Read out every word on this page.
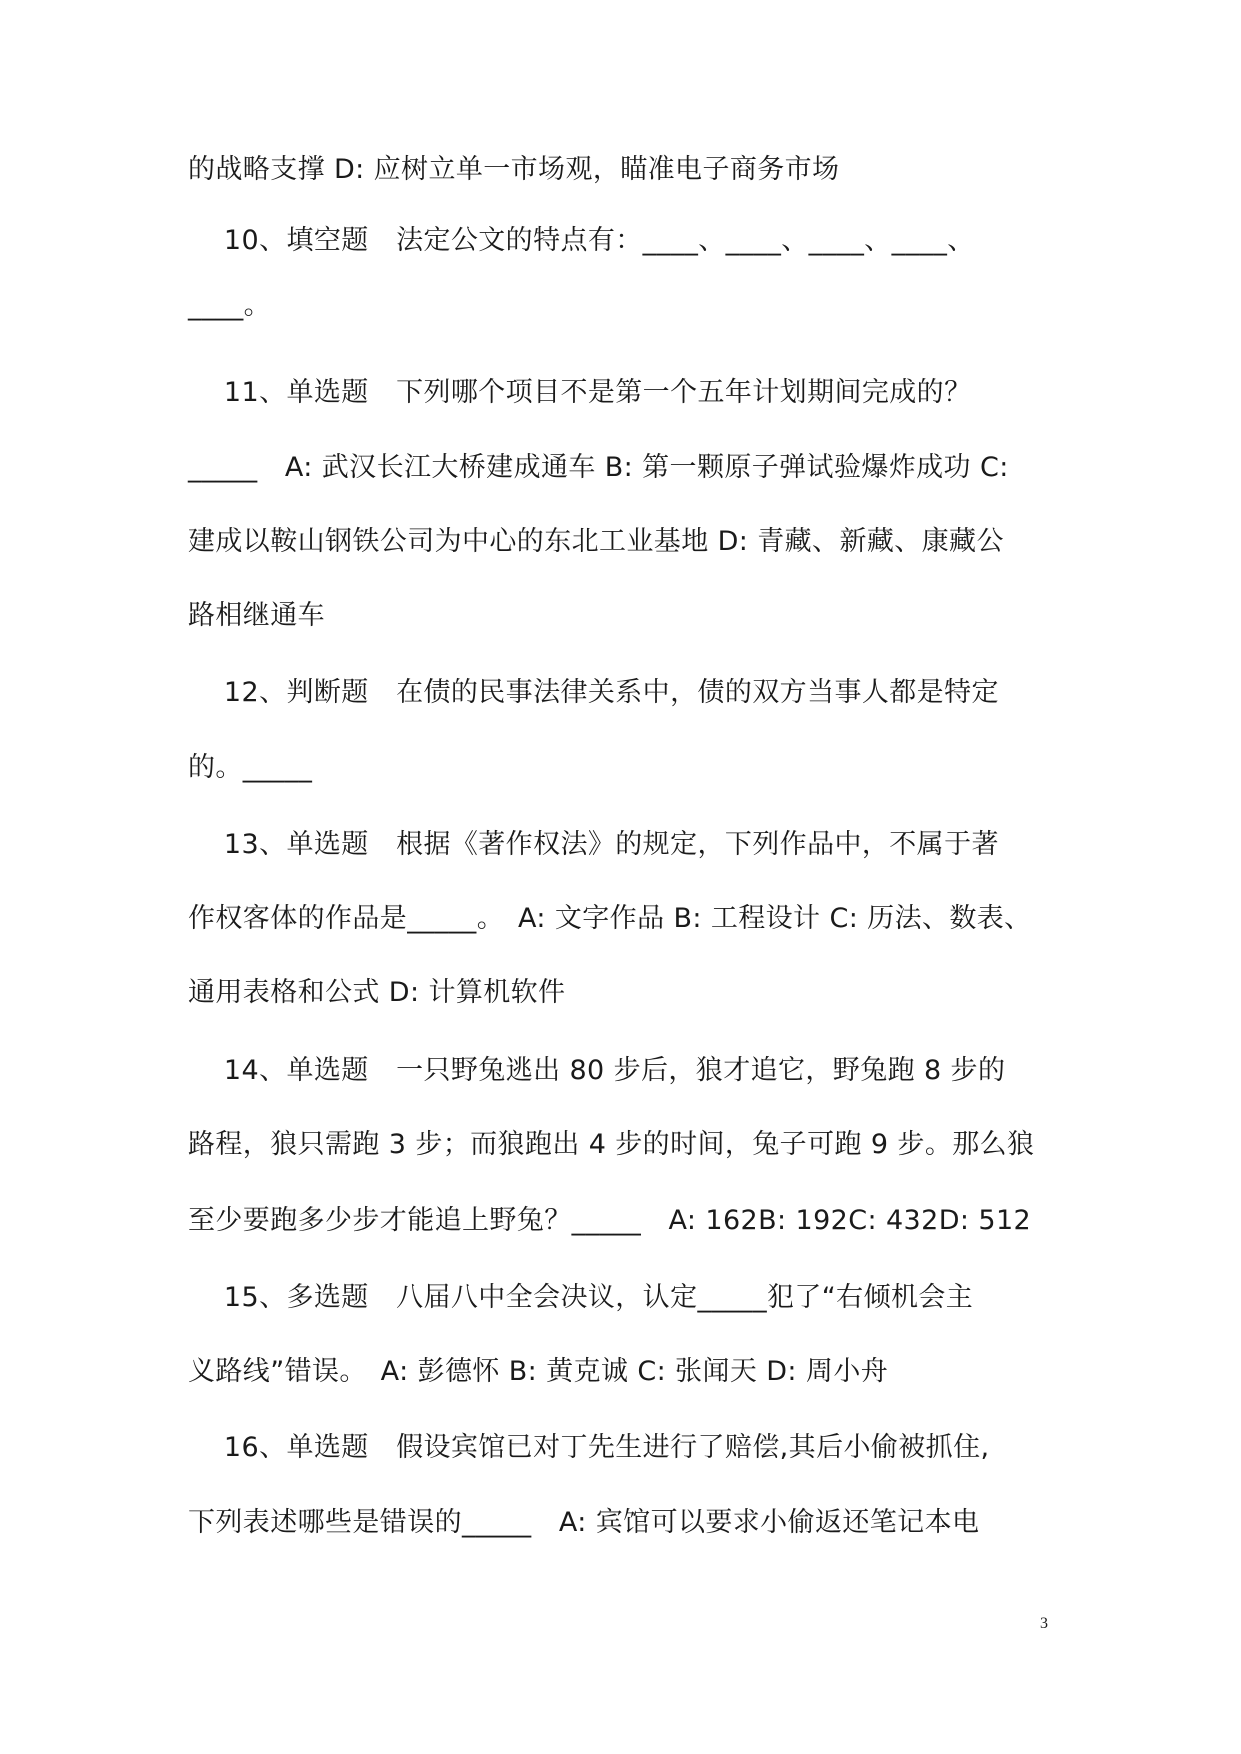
的战略支撑 D: 应树立单一市场观，瞄准电子商务市场
10、填空题　法定公文的特点有：____、____、____、____、
____。
11、单选题　下列哪个项目不是第一个五年计划期间完成的？
_____　A: 武汉长江大桥建成通车 B: 第一颗原子弹试验爆炸成功 C:
建成以鞍山钢铁公司为中心的东北工业基地 D: 青藏、新藏、康藏公
路相继通车
12、判断题　在债的民事法律关系中，债的双方当事人都是特定
的。_____
13、单选题　根据《著作权法》的规定，下列作品中，不属于著
作权客体的作品是_____。　A: 文字作品 B: 工程设计 C: 历法、数表、
通用表格和公式 D: 计算机软件
14、单选题　一只野兔逃出 80 步后，狼才追它，野兔跑 8 步的
路程，狼只需跑 3 步；而狼跑出 4 步的时间，兔子可跑 9 步。那么狼
至少要跑多少步才能追上野兔？_____　A: 162B: 192C: 432D: 512
15、多选题　八届八中全会决议，认定_____犯了“右倾机会主
义路线”错误。　A: 彭德怀 B: 黄克诚 C: 张闻天 D: 周小舟
16、单选题　假设宾馆已对丁先生进行了赔偿,其后小偷被抓住,
下列表述哪些是错误的_____　A: 宾馆可以要求小偷返还笔记本电
3
